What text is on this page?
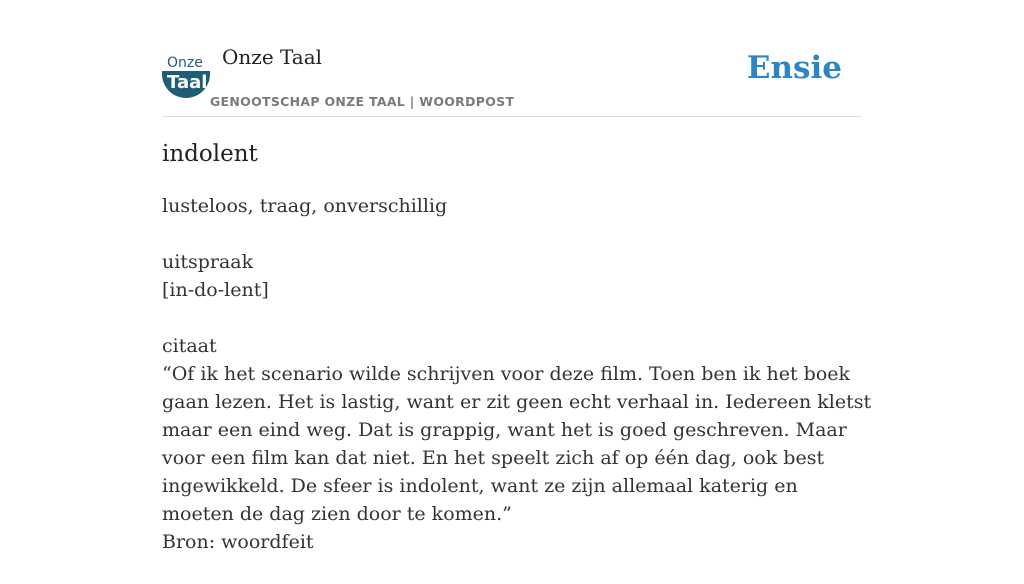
Onze
Taal
Onze Taal
GENOOTSCHAP ONZE TAAL | WOORDPOST
Ensie
indolent

lusteloos, traag, onverschillig

uitspraak

[in-do-lent]

citaat

“Of ik het scenario wilde schrijven voor deze film. Toen ben ik het boek gaan lezen. Het is lastig, want er zit geen echt verhaal in. Iedereen kletst maar een eind weg. Dat is grappig, want het is goed geschreven. Maar voor een film kan dat niet. En het speelt zich af op één dag, ook best ingewikkeld. De sfeer is indolent, want ze zijn allemaal katerig en moeten de dag zien door te komen.”

Bron: woordfeit
